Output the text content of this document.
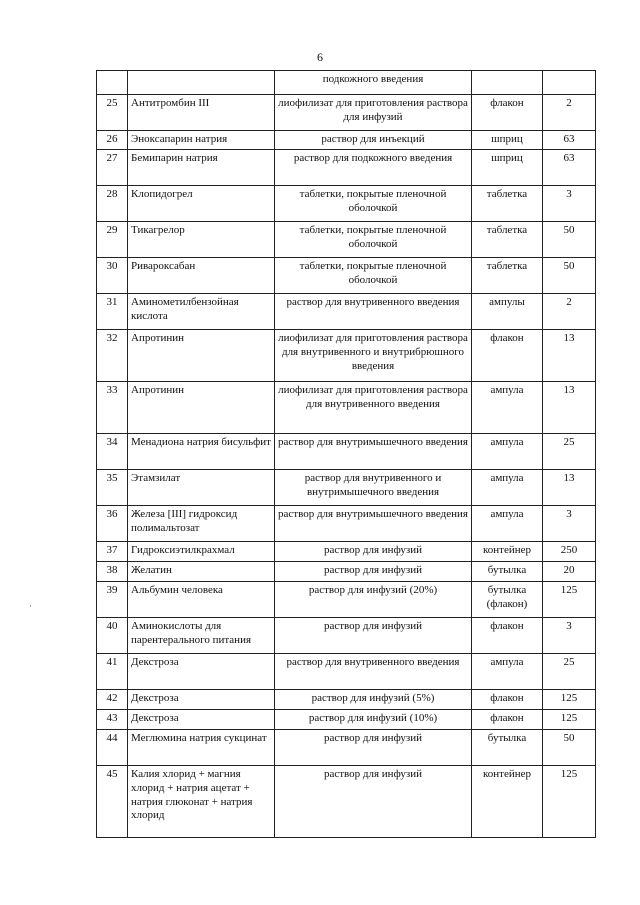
6
		подкожного введения		
25	Антитромбин III	лиофилизат для приготовления раствора для инфузий	флакон	2
26	Эноксапарин натрия	раствор для инъекций	шприц	63
27	Бемипарин натрия	раствор для подкожного введения	шприц	63
28	Клопидогрел	таблетки, покрытые пленочной оболочкой	таблетка	3
29	Тикагрелор	таблетки, покрытые пленочной оболочкой	таблетка	50
30	Ривароксабан	таблетки, покрытые пленочной оболочкой	таблетка	50
31	Аминометилбензойная кислота	раствор для внутривенного введения	ампулы	2
32	Апротинин	лиофилизат для приготовления раствора для внутривенного и внутрибрюшного введения	флакон	13
33	Апротинин	лиофилизат для приготовления раствора для внутривенного введения	ампула	13
34	Менадиона натрия бисульфит	раствор для внутримышечного введения	ампула	25
35	Этамзилат	раствор для внутривенного и внутримышечного введения	ампула	13
36	Железа [III] гидроксид полимальтозат	раствор для внутримышечного введения	ампула	3
37	Гидроксиэтилкрахмал	раствор для инфузий	контейнер	250
38	Желатин	раствор для инфузий	бутылка	20
39	Альбумин человека	раствор для инфузий (20%)	бутылка (флакон)	125
40	Аминокислоты для парентерального питания	раствор для инфузий	флакон	3
41	Декстроза	раствор для внутривенного введения	ампула	25
42	Декстроза	раствор для инфузий (5%)	флакон	125
43	Декстроза	раствор для инфузий (10%)	флакон	125
44	Меглюмина натрия сукцинат	раствор для инфузий	бутылка	50
45	Калия хлорид + магния хлорид + натрия ацетат + натрия глюконат + натрия хлорид	раствор для инфузий	контейнер	125
·
